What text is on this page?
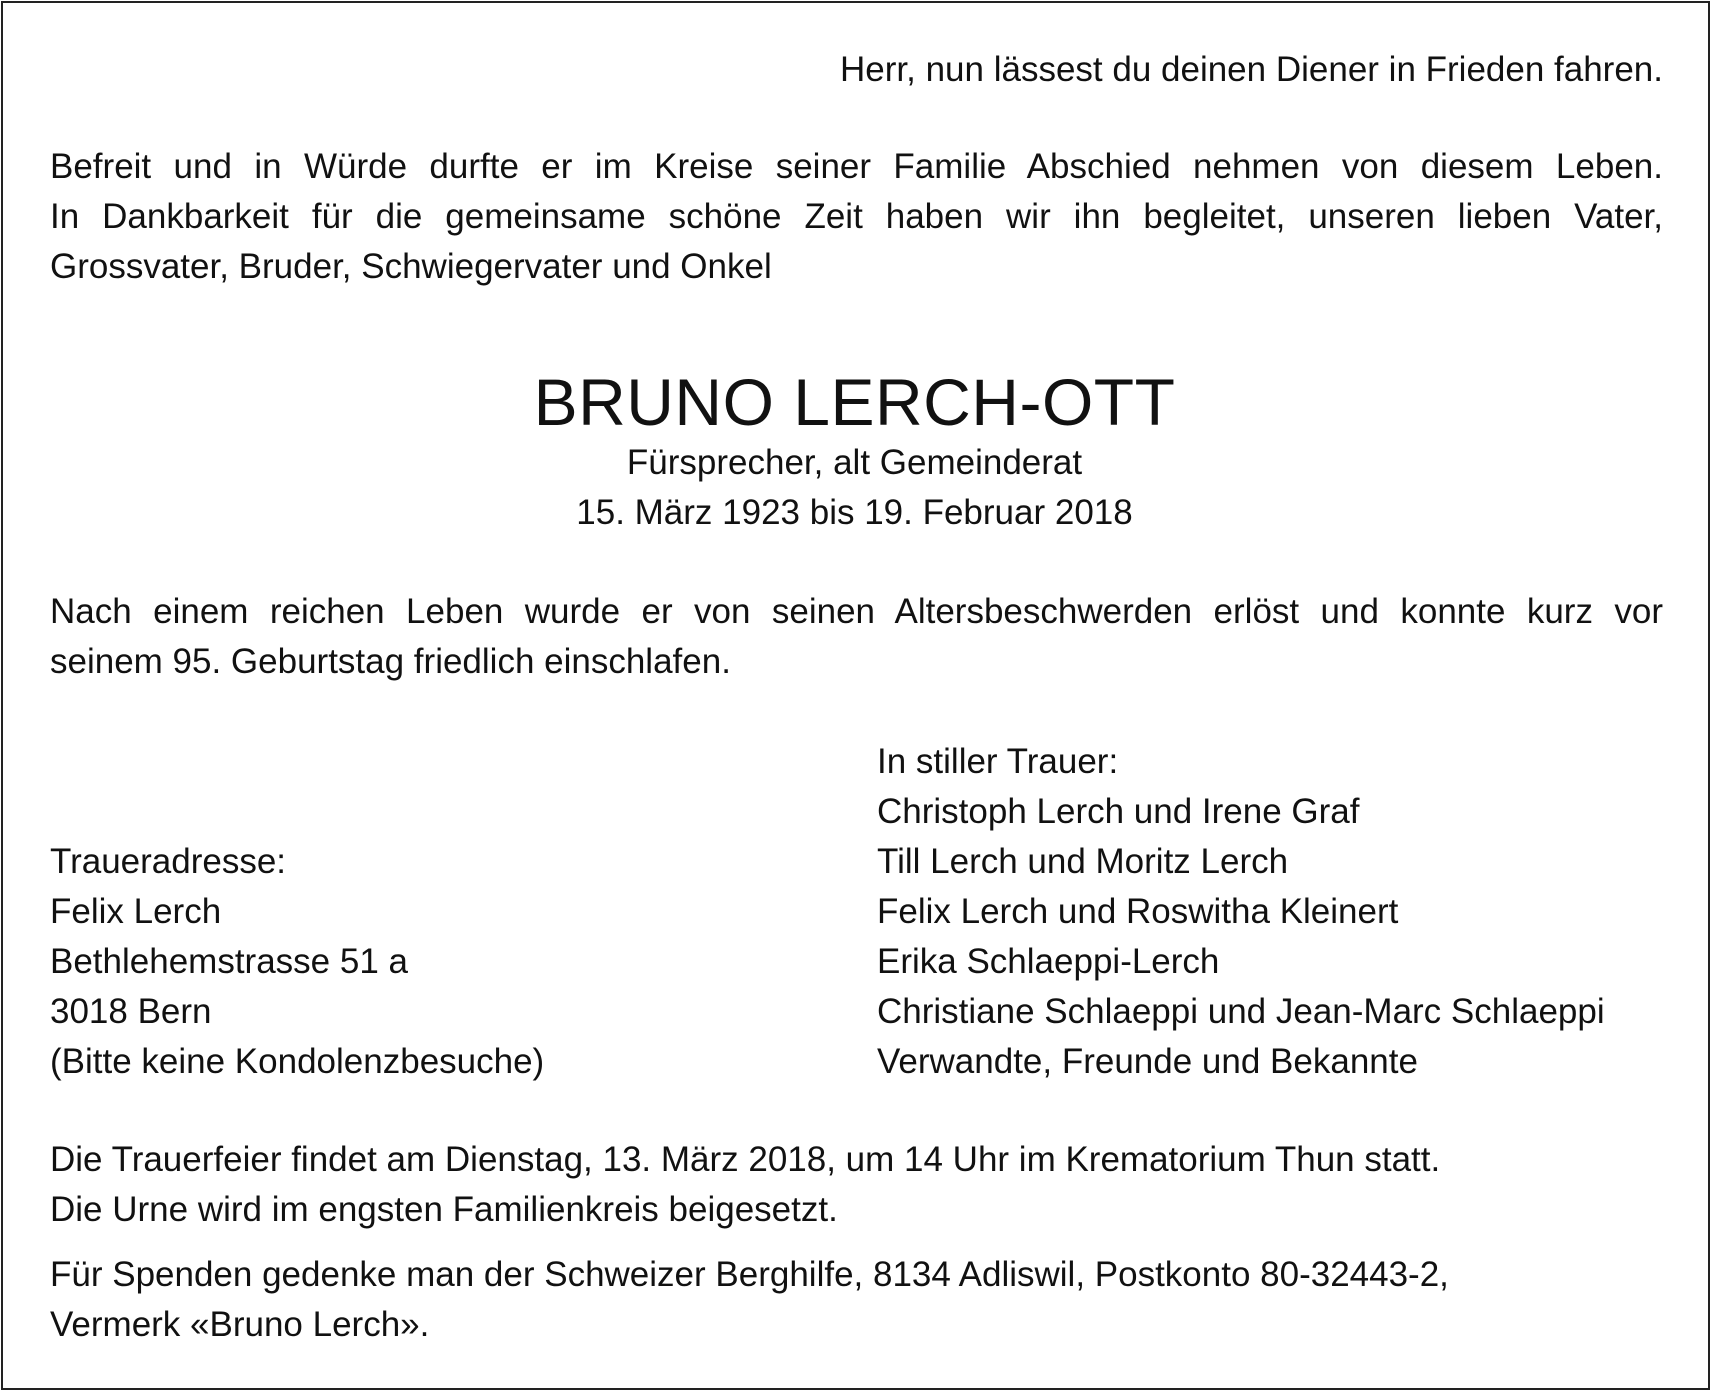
Herr, nun lässest du deinen Diener in Frieden fahren.
Befreit und in Würde durfte er im Kreise seiner Familie Abschied nehmen von diesem Leben.
In Dankbarkeit für die gemeinsame schöne Zeit haben wir ihn begleitet, unseren lieben Vater,
Grossvater, Bruder, Schwiegervater und Onkel
BRUNO LERCH-OTT
Fürsprecher, alt Gemeinderat
15. März 1923 bis 19. Februar 2018
Nach einem reichen Leben wurde er von seinen Altersbeschwerden erlöst und konnte kurz vor
seinem 95. Geburtstag friedlich einschlafen.
In stiller Trauer:
Christoph Lerch und Irene Graf
Till Lerch und Moritz Lerch
Felix Lerch und Roswitha Kleinert
Erika Schlaeppi-Lerch
Christiane Schlaeppi und Jean-Marc Schlaeppi
Verwandte, Freunde und Bekannte
Traueradresse:
Felix Lerch
Bethlehemstrasse 51 a
3018 Bern
(Bitte keine Kondolenzbesuche)
Die Trauerfeier findet am Dienstag, 13. März 2018, um 14 Uhr im Krematorium Thun statt.
Die Urne wird im engsten Familienkreis beigesetzt.
Für Spenden gedenke man der Schweizer Berghilfe, 8134 Adliswil, Postkonto 80-32443-2,
Vermerk «Bruno Lerch».
